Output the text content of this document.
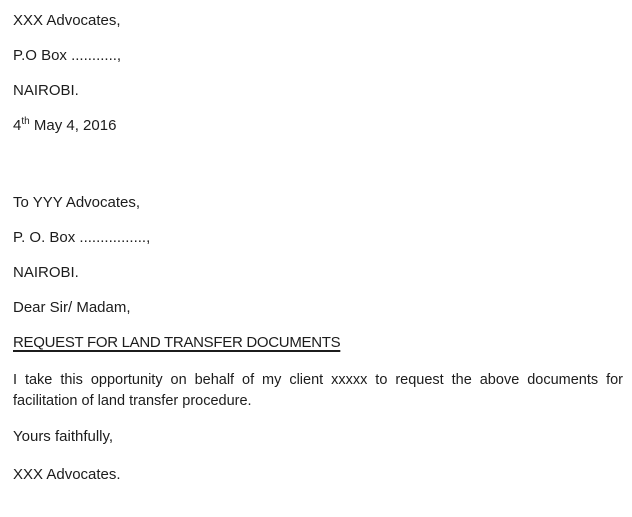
XXX Advocates,

P.O Box ...........,

NAIROBI.

4th May 4, 2016

To YYY Advocates,

P. O. Box ................,

NAIROBI.

Dear Sir/ Madam,

REQUEST FOR LAND TRANSFER DOCUMENTS

I take this opportunity on behalf of my client xxxxx to request the above documents for
facilitation of land transfer procedure.

Yours faithfully,

XXX Advocates.
